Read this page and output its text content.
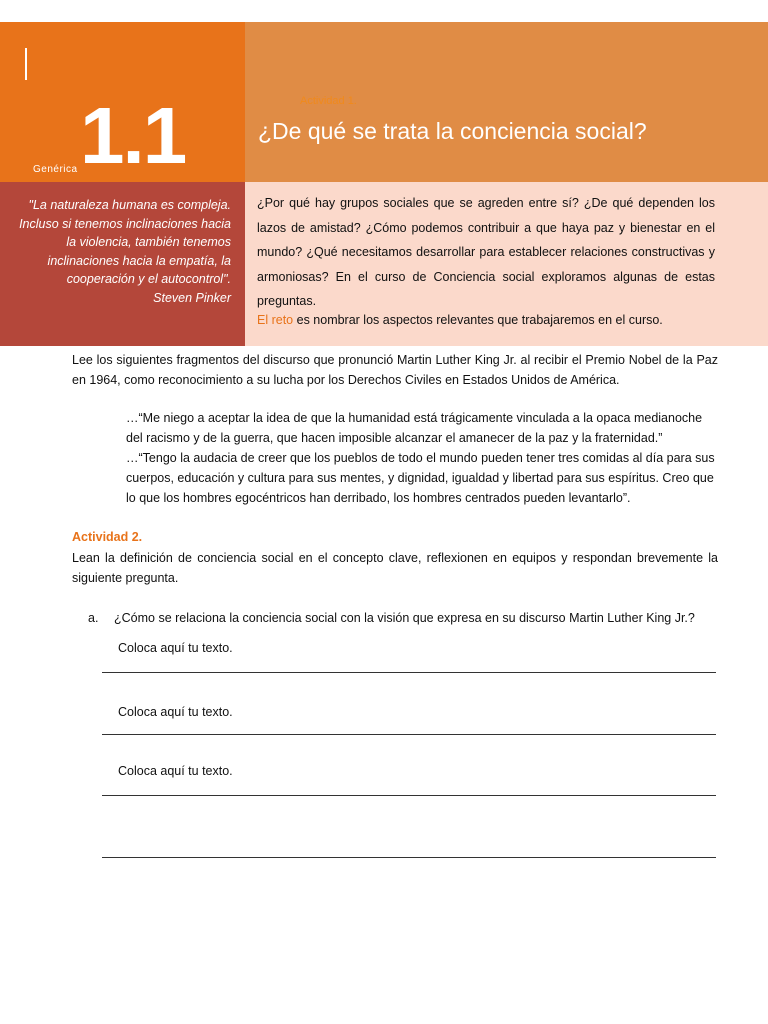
Genérica 1.1	Actividad 1.
¿De qué se trata la conciencia social?
"La naturaleza humana es compleja. Incluso si tenemos inclinaciones hacia la violencia, también tenemos inclinaciones hacia la empatía, la cooperación y el autocontrol".
Steven Pinker
¿Por qué hay grupos sociales que se agreden entre sí? ¿De qué dependen los lazos de amistad? ¿Cómo podemos contribuir a que haya paz y bienestar en el mundo? ¿Qué necesitamos desarrollar para establecer relaciones constructivas y armoniosas? En el curso de Conciencia social exploramos algunas de estas preguntas.
El reto es nombrar los aspectos relevantes que trabajaremos en el curso.
Lee los siguientes fragmentos del discurso que pronunció Martin Luther King Jr. al recibir el Premio Nobel de la Paz en 1964, como reconocimiento a su lucha por los Derechos Civiles en Estados Unidos de América.

…“Me niego a aceptar la idea de que la humanidad está trágicamente vinculada a la opaca medianoche del racismo y de la guerra, que hacen imposible alcanzar el amanecer de la paz y la fraternidad.”

…“Tengo la audacia de creer que los pueblos de todo el mundo pueden tener tres comidas al día para sus cuerpos, educación y cultura para sus mentes, y dignidad, igualdad y libertad para sus espíritus. Creo que lo que los hombres egocéntricos han derribado, los hombres centrados pueden levantarlo”.

Actividad 2.
Lean la definición de conciencia social en el concepto clave, reflexionen en equipos y respondan brevemente la siguiente pregunta.
a. ¿Cómo se relaciona la conciencia social con la visión que expresa en su discurso Martin Luther King Jr.?
Coloca aquí tu texto.
Coloca aquí tu texto.
Coloca aquí tu texto.
